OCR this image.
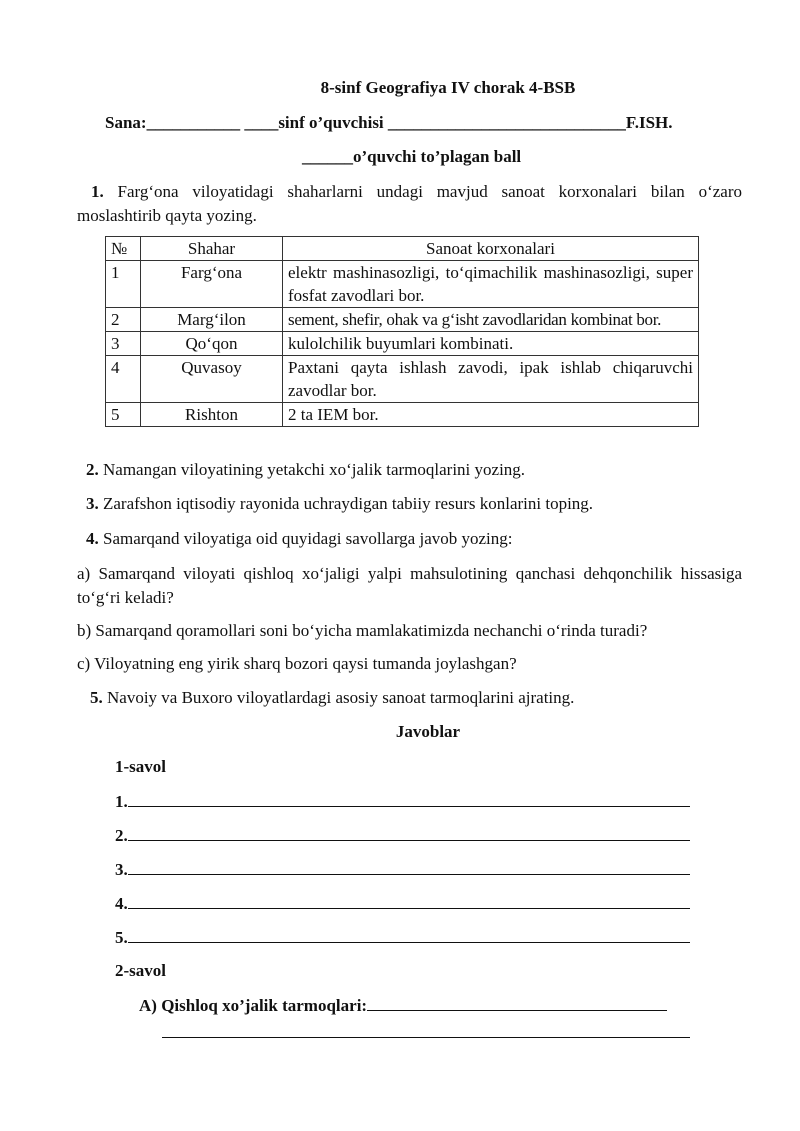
8-sinf Geografiya IV chorak 4-BSB
Sana:___________ ____sinf o’quvchisi ____________________________F.ISH.
______o’quvchi to’plagan ball
1. Farg‘ona viloyatidagi shaharlarni undagi mavjud sanoat korxonalari bilan o‘zaro moslashtirib qayta yozing.
№	Shahar	Sanoat korxonalari
1	Farg‘ona	elektr mashinasozligi, to‘qimachilik mashinasozligi, super fosfat zavodlari bor.
2	Marg‘ilon	sement, shefir, ohak va g‘isht zavodlaridan kombinat bor.
3	Qo‘qon	kulolchilik buyumlari kombinati.
4	Quvasoy	Paxtani qayta ishlash zavodi, ipak ishlab chiqaruvchi zavodlar bor.
5	Rishton	2 ta IEM bor.
2. Namangan viloyatining yetakchi xo‘jalik tarmoqlarini yozing.
3. Zarafshon iqtisodiy rayonida uchraydigan tabiiy resurs konlarini toping.
4. Samarqand viloyatiga oid quyidagi savollarga javob yozing:
a) Samarqand viloyati qishloq xo‘jaligi yalpi mahsulotining qanchasi dehqonchilik hissasiga to‘g‘ri keladi?
b) Samarqand qoramollari soni bo‘yicha mamlakatimizda nechanchi o‘rinda turadi?
c) Viloyatning eng yirik sharq bozori qaysi tumanda joylashgan?
5. Navoiy va Buxoro viloyatlardagi asosiy sanoat tarmoqlarini ajrating.
Javoblar
1-savol
1.
2.
3.
4.
5.
2-savol
A) Qishloq xo’jalik tarmoqlari:
